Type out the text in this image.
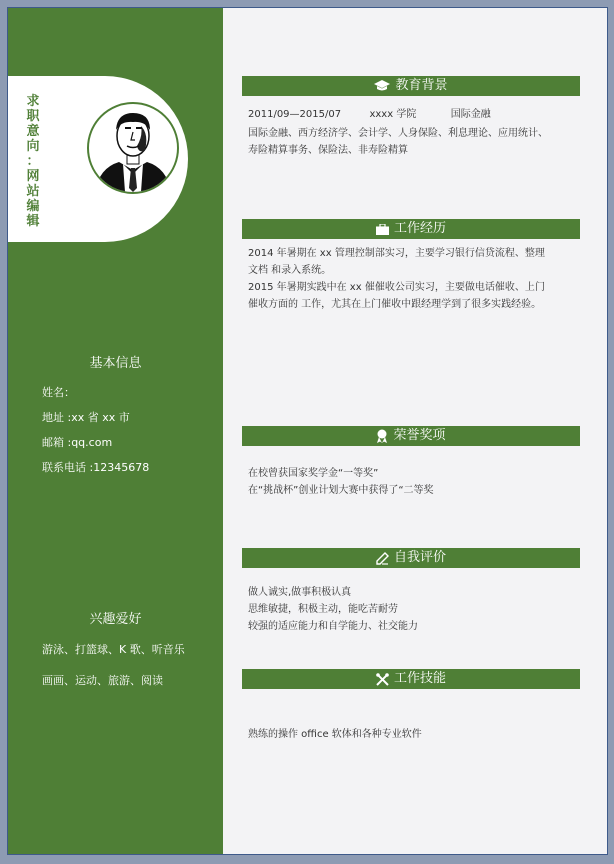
求
职
意
向
：
网
站
编
辑
基本信息
姓名：
地址 :xx 省 xx 市
邮箱 :qq.com
联系电话 :12345678
兴趣爱好
游泳、打篮球、K 歌、听音乐
画画、运动、旅游、阅读
教育背景
2011/09—2015/07	xxxx 学院	国际金融
国际金融、西方经济学、会计学、人身保险、利息理论、应用统计、
寿险精算事务、保险法、非寿险精算
工作经历
2014 年暑期在 xx 管理控制部实习，主要学习银行信贷流程、整理
文档 和录入系统。
2015 年暑期实践中在 xx 催催收公司实习，主要做电话催收、上门
催收方面的 工作，尤其在上门催收中跟经理学到了很多实践经验。
荣誉奖项
在校曾获国家奖学金“一等奖”
在“挑战杯”创业计划大赛中获得了“二等奖
自我评价
做人诚实,做事积极认真
思维敏捷，积极主动，能吃苦耐劳
较强的适应能力和自学能力、社交能力
工作技能
熟练的操作 office 软体和各种专业软件
